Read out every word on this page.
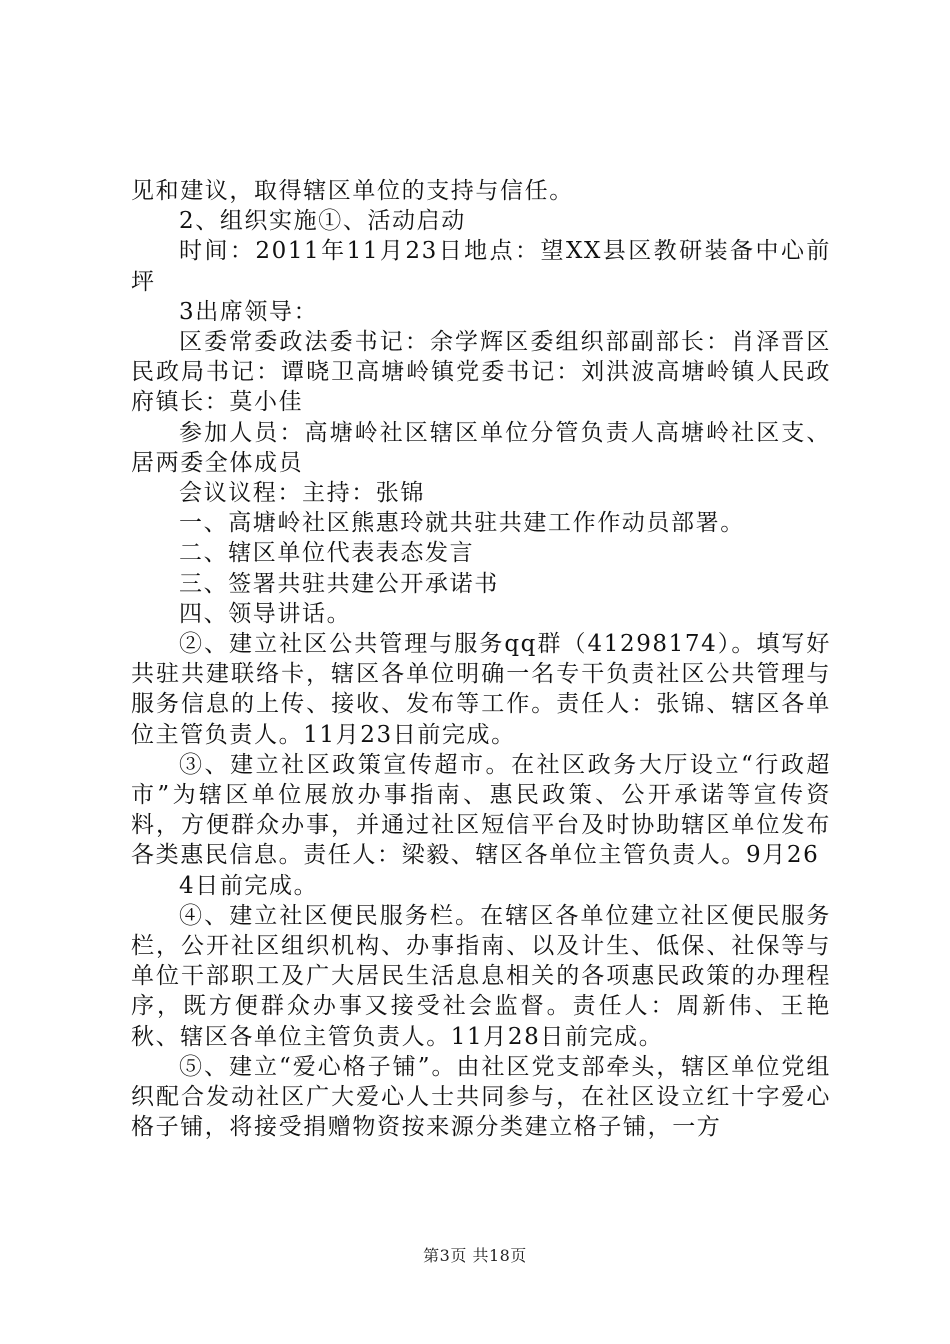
见和建议，取得辖区单位的支持与信任。

2、组织实施①、活动启动

时间：2011年11月23日地点：望XX县区教研装备中心前坪

3出席领导：

区委常委政法委书记：余学辉区委组织部副部长：肖泽晋区民政局书记：谭晓卫高塘岭镇党委书记：刘洪波高塘岭镇人民政府镇长：莫小佳

参加人员：高塘岭社区辖区单位分管负责人高塘岭社区支、居两委全体成员

会议议程：主持：张锦

一、高塘岭社区熊惠玲就共驻共建工作作动员部署。

二、辖区单位代表表态发言

三、签署共驻共建公开承诺书

四、领导讲话。

②、建立社区公共管理与服务qq群（41298174）。填写好共驻共建联络卡，辖区各单位明确一名专干负责社区公共管理与服务信息的上传、接收、发布等工作。责任人：张锦、辖区各单位主管负责人。11月23日前完成。

③、建立社区政策宣传超市。在社区政务大厅设立“行政超市”为辖区单位展放办事指南、惠民政策、公开承诺等宣传资料，方便群众办事，并通过社区短信平台及时协助辖区单位发布各类惠民信息。责任人：梁毅、辖区各单位主管负责人。9月26

4日前完成。

④、建立社区便民服务栏。在辖区各单位建立社区便民服务栏，公开社区组织机构、办事指南、以及计生、低保、社保等与单位干部职工及广大居民生活息息相关的各项惠民政策的办理程序，既方便群众办事又接受社会监督。责任人：周新伟、王艳秋、辖区各单位主管负责人。11月28日前完成。

⑤、建立“爱心格子铺”。由社区党支部牵头，辖区单位党组织配合发动社区广大爱心人士共同参与，在社区设立红十字爱心格子铺，将接受捐赠物资按来源分类建立格子铺，一方

第3页 共18页
